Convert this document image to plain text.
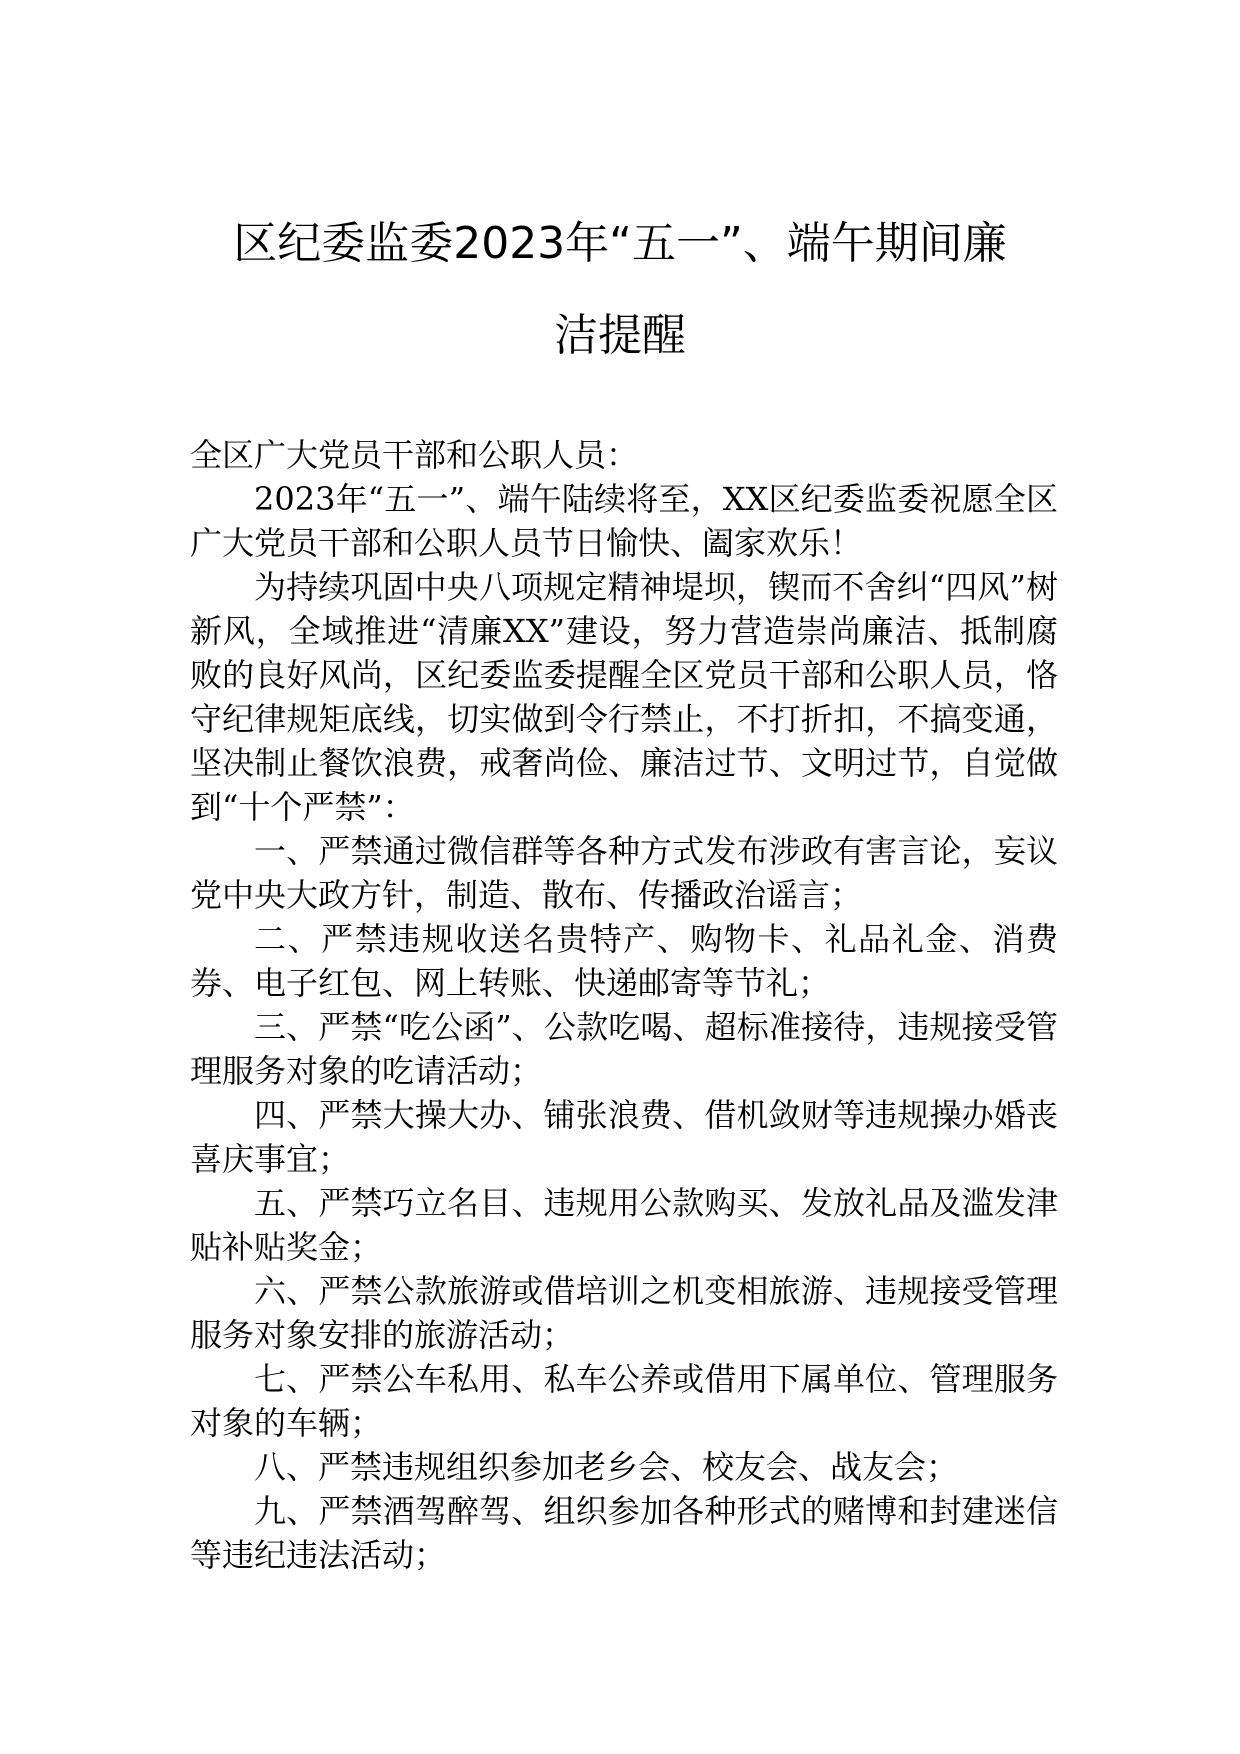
区纪委监委2023年“五一”、端午期间廉
洁提醒

全区广大党员干部和公职人员：

2023年“五一”、端午陆续将至，XX区纪委监委祝愿全区广大党员干部和公职人员节日愉快、阖家欢乐！

为持续巩固中央八项规定精神堤坝，锲而不舍纠“四风”树新风，全域推进“清廉XX”建设，努力营造崇尚廉洁、抵制腐败的良好风尚，区纪委监委提醒全区党员干部和公职人员，恪守纪律规矩底线，切实做到令行禁止，不打折扣，不搞变通，坚决制止餐饮浪费，戒奢尚俭、廉洁过节、文明过节，自觉做到“十个严禁”：

一、严禁通过微信群等各种方式发布涉政有害言论，妄议党中央大政方针，制造、散布、传播政治谣言；

二、严禁违规收送名贵特产、购物卡、礼品礼金、消费券、电子红包、网上转账、快递邮寄等节礼；

三、严禁“吃公函”、公款吃喝、超标准接待，违规接受管理服务对象的吃请活动；

四、严禁大操大办、铺张浪费、借机敛财等违规操办婚丧喜庆事宜；

五、严禁巧立名目、违规用公款购买、发放礼品及滥发津贴补贴奖金；

六、严禁公款旅游或借培训之机变相旅游、违规接受管理服务对象安排的旅游活动；

七、严禁公车私用、私车公养或借用下属单位、管理服务对象的车辆；

八、严禁违规组织参加老乡会、校友会、战友会；

九、严禁酒驾醉驾、组织参加各种形式的赌博和封建迷信等违纪违法活动；
